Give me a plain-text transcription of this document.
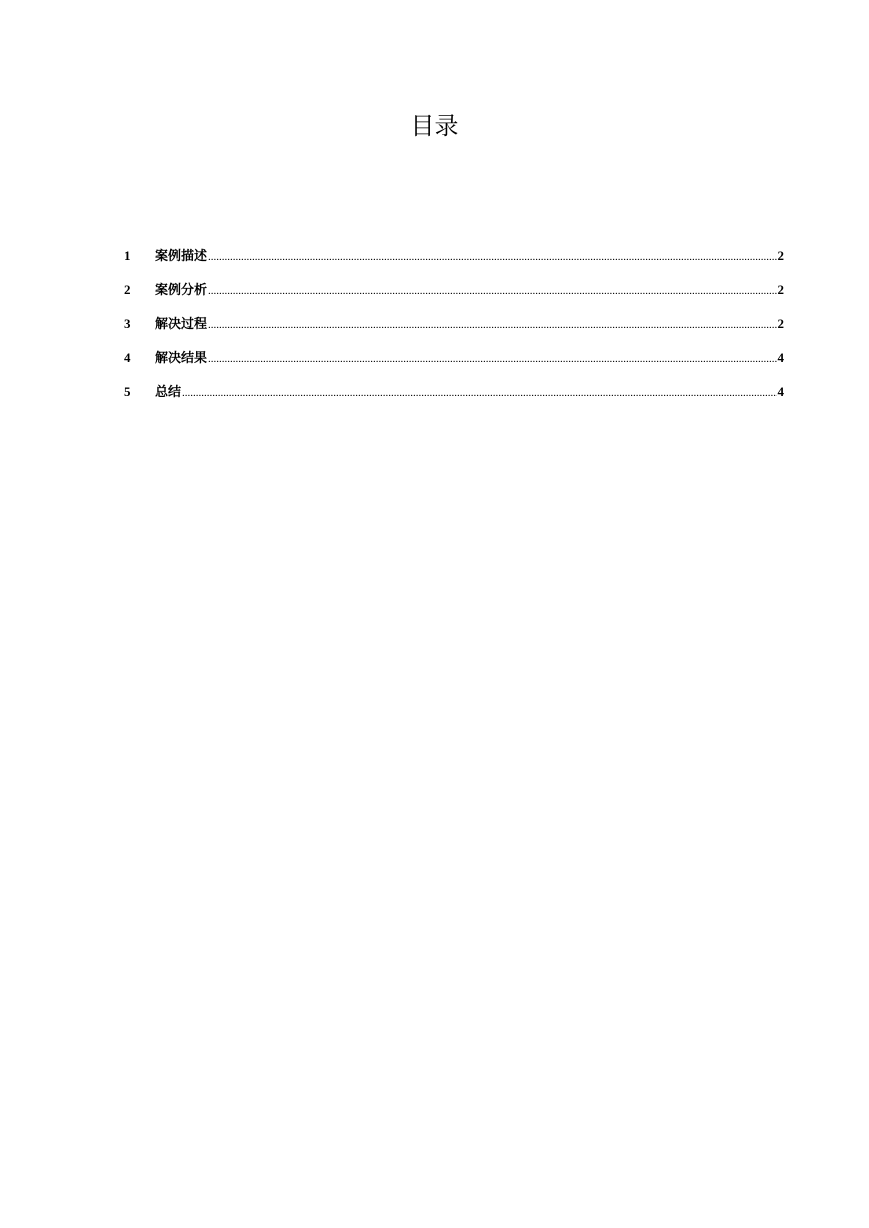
目录
1	案例描述 .....	2
2	案例分析 .....	2
3	解决过程 .....	2
4	解决结果 .....	4
5	总结 .....	4
